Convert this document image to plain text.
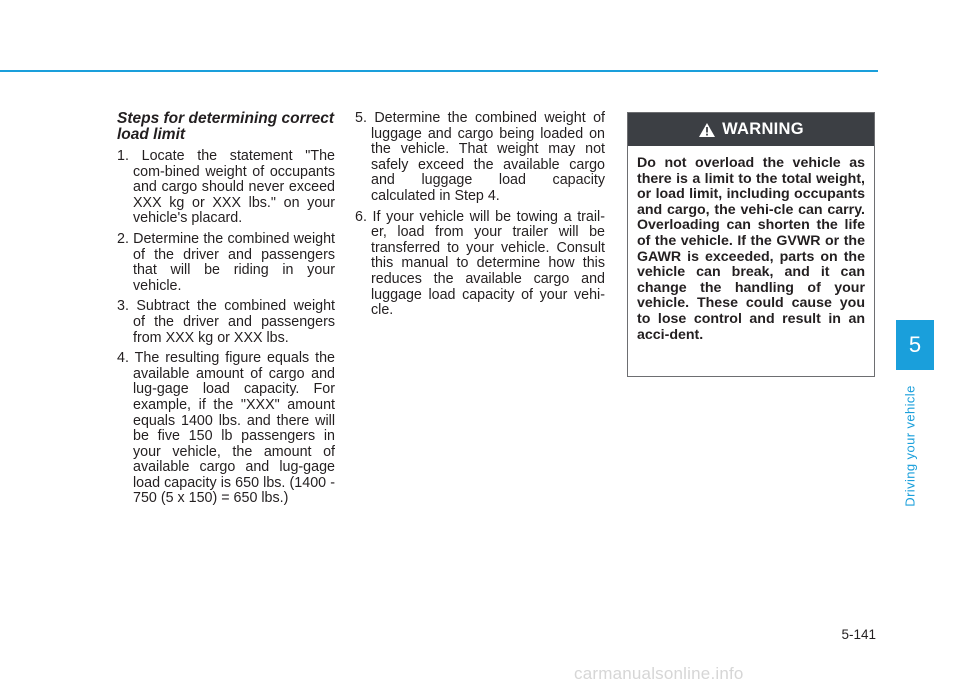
Steps for determining correct load limit
1. Locate the statement "The com-bined weight of occupants and cargo should never exceed XXX kg or XXX lbs." on your vehicle's placard.
2. Determine the combined weight of the driver and passengers that will be riding in your vehicle.
3. Subtract the combined weight of the driver and passengers from XXX kg or XXX lbs.
4. The resulting figure equals the available amount of cargo and lug-gage load capacity. For example, if the "XXX" amount equals 1400 lbs. and there will be five 150 lb passengers in your vehicle, the amount of available cargo and lug-gage load capacity is 650 lbs. (1400 - 750 (5 x 150) = 650 lbs.)
5. Determine the combined weight of luggage and cargo being loaded on the vehicle. That weight may not safely exceed the available cargo and luggage load capacity calculated in Step 4.
6. If your vehicle will be towing a trail-er, load from your trailer will be transferred to your vehicle. Consult this manual to determine how this reduces the available cargo and luggage load capacity of your vehi-cle.
WARNING
Do not overload the vehicle as there is a limit to the total weight, or load limit, including occupants and cargo, the vehi-cle can carry. Overloading can shorten the life of the vehicle. If the GVWR or the GAWR is exceeded, parts on the vehicle can break, and it can change the handling of your vehicle. These could cause you to lose control and result in an acci-dent.	5
Driving your vehicle
5-141
carmanualsonline.info
